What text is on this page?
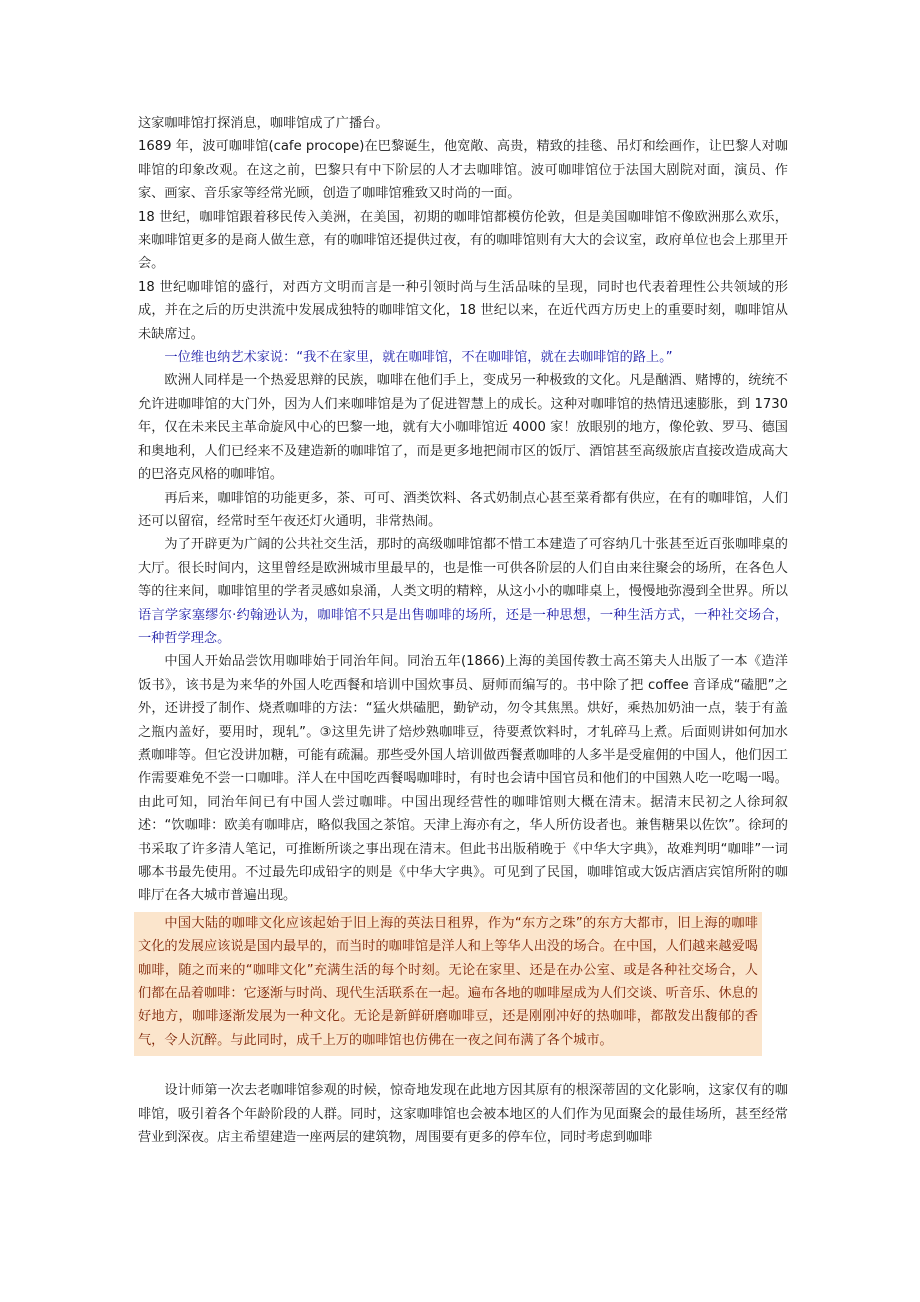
这家咖啡馆打探消息，咖啡馆成了广播台。

1689 年，波可咖啡馆(cafe procope)在巴黎诞生，他宽敞、高贵，精致的挂毯、吊灯和绘画作，让巴黎人对咖啡馆的印象改观。在这之前，巴黎只有中下阶层的人才去咖啡馆。波可咖啡馆位于法国大剧院对面，演员、作家、画家、音乐家等经常光顾，创造了咖啡馆雅致又时尚的一面。

18 世纪，咖啡馆跟着移民传入美洲，在美国，初期的咖啡馆都模仿伦敦，但是美国咖啡馆不像欧洲那么欢乐，来咖啡馆更多的是商人做生意，有的咖啡馆还提供过夜，有的咖啡馆则有大大的会议室，政府单位也会上那里开会。

18 世纪咖啡馆的盛行，对西方文明而言是一种引领时尚与生活品味的呈现，同时也代表着理性公共领域的形成，并在之后的历史洪流中发展成独特的咖啡馆文化，18 世纪以来，在近代西方历史上的重要时刻，咖啡馆从未缺席过。

一位维也纳艺术家说：“我不在家里，就在咖啡馆，不在咖啡馆，就在去咖啡馆的路上。”

欧洲人同样是一个热爱思辩的民族，咖啡在他们手上，变成另一种极致的文化。凡是酗酒、赌博的，统统不允许进咖啡馆的大门外，因为人们来咖啡馆是为了促进智慧上的成长。这种对咖啡馆的热情迅速膨胀，到 1730 年，仅在未来民主革命旋风中心的巴黎一地，就有大小咖啡馆近 4000 家！放眼别的地方，像伦敦、罗马、德国和奥地利，人们已经来不及建造新的咖啡馆了，而是更多地把闹市区的饭厅、酒馆甚至高级旅店直接改造成高大的巴洛克风格的咖啡馆。

再后来，咖啡馆的功能更多，茶、可可、酒类饮料、各式奶制点心甚至菜肴都有供应，在有的咖啡馆，人们还可以留宿，经常时至午夜还灯火通明，非常热闹。

为了开辟更为广阔的公共社交生活，那时的高级咖啡馆都不惜工本建造了可容纳几十张甚至近百张咖啡桌的大厅。很长时间内，这里曾经是欧洲城市里最早的，也是惟一可供各阶层的人们自由来往聚会的场所，在各色人等的往来间，咖啡馆里的学者灵感如泉涌，人类文明的精粹，从这小小的咖啡桌上，慢慢地弥漫到全世界。所以语言学家塞缪尔·约翰逊认为，咖啡馆不只是出售咖啡的场所，还是一种思想，一种生活方式，一种社交场合，一种哲学理念。

中国人开始品尝饮用咖啡始于同治年间。同治五年(1866)上海的美国传教士高丕第夫人出版了一本《造洋饭书》，该书是为来华的外国人吃西餐和培训中国炊事员、厨师而编写的。书中除了把 coffee 音译成“磕肥”之外，还讲授了制作、烧煮咖啡的方法：“猛火烘磕肥，勤铲动，勿令其焦黑。烘好，乘热加奶油一点，装于有盖之瓶内盖好，要用时，现轧”。③这里先讲了焙炒熟咖啡豆，待要煮饮料时，才轧碎马上煮。后面则讲如何加水煮咖啡等。但它没讲加糖，可能有疏漏。那些受外国人培训做西餐煮咖啡的人多半是受雇佣的中国人，他们因工作需要难免不尝一口咖啡。洋人在中国吃西餐喝咖啡时，有时也会请中国官员和他们的中国熟人吃一吃喝一喝。由此可知，同治年间已有中国人尝过咖啡。中国出现经营性的咖啡馆则大概在清末。据清末民初之人徐珂叙述：“饮咖啡：欧美有咖啡店，略似我国之茶馆。天津上海亦有之，华人所仿设者也。兼售糖果以佐饮”。徐珂的书采取了许多清人笔记，可推断所谈之事出现在清末。但此书出版稍晚于《中华大字典》，故难判明“咖啡”一词哪本书最先使用。不过最先印成铅字的则是《中华大字典》。可见到了民国，咖啡馆或大饭店酒店宾馆所附的咖啡厅在各大城市普遍出现。

中国大陆的咖啡文化应该起始于旧上海的英法日租界，作为“东方之珠”的东方大都市，旧上海的咖啡文化的发展应该说是国内最早的，而当时的咖啡馆是洋人和上等华人出没的场合。在中国，人们越来越爱喝咖啡，随之而来的“咖啡文化”充满生活的每个时刻。无论在家里、还是在办公室、或是各种社交场合，人们都在品着咖啡：它逐渐与时尚、现代生活联系在一起。遍布各地的咖啡屋成为人们交谈、听音乐、休息的好地方，咖啡逐渐发展为一种文化。无论是新鲜研磨咖啡豆，还是刚刚冲好的热咖啡，都散发出馥郁的香气，令人沉醉。与此同时，成千上万的咖啡馆也仿佛在一夜之间布满了各个城市。

设计师第一次去老咖啡馆参观的时候，惊奇地发现在此地方因其原有的根深蒂固的文化影响，这家仅有的咖啡馆，吸引着各个年龄阶段的人群。同时，这家咖啡馆也会被本地区的人们作为见面聚会的最佳场所，甚至经常营业到深夜。店主希望建造一座两层的建筑物，周围要有更多的停车位，同时考虑到咖啡
